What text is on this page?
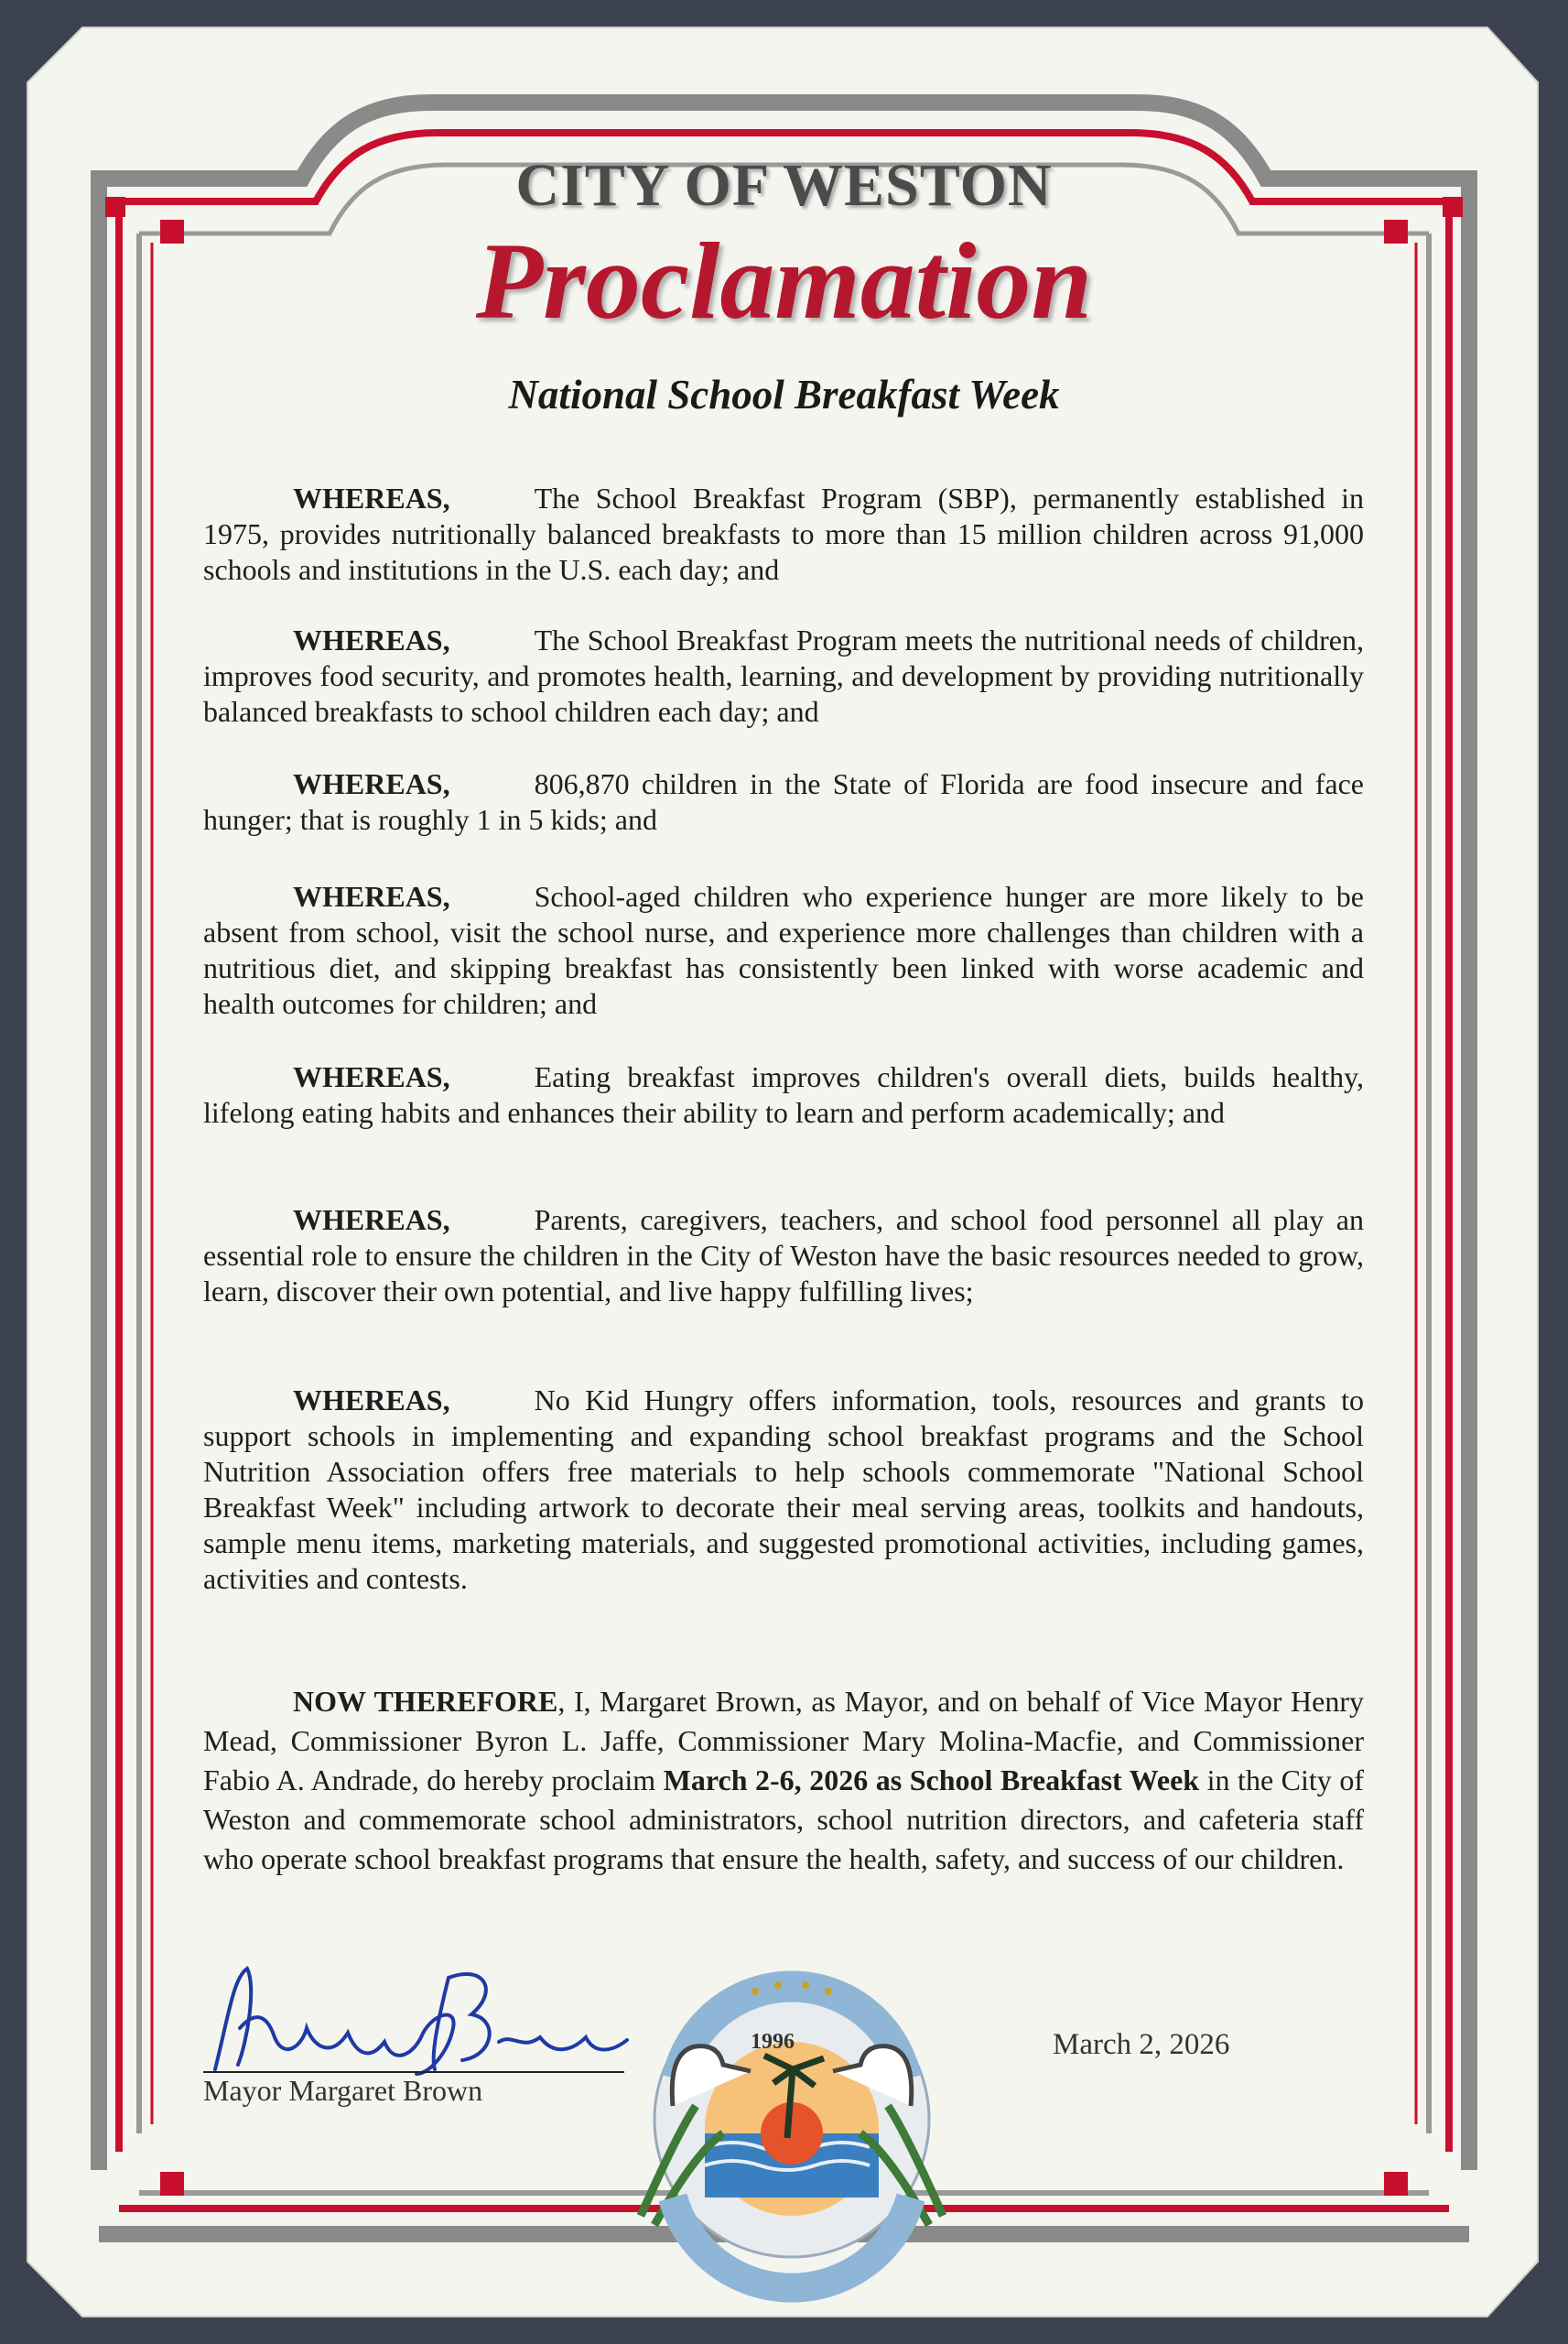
CITY OF WESTON
Proclamation
National School Breakfast Week
WHEREAS,	The School Breakfast Program (SBP), permanently established in 1975, provides nutritionally balanced breakfasts to more than 15 million children across 91,000 schools and institutions in the U.S. each day; and
WHEREAS,	The School Breakfast Program meets the nutritional needs of children, improves food security, and promotes health, learning, and development by providing nutritionally balanced breakfasts to school children each day; and
WHEREAS,	806,870 children in the State of Florida are food insecure and face hunger; that is roughly 1 in 5 kids; and
WHEREAS,	School-aged children who experience hunger are more likely to be absent from school, visit the school nurse, and experience more challenges than children with a nutritious diet, and skipping breakfast has consistently been linked with worse academic and health outcomes for children; and
WHEREAS,	Eating breakfast improves children's overall diets, builds healthy, lifelong eating habits and enhances their ability to learn and perform academically; and
WHEREAS,	Parents, caregivers, teachers, and school food personnel all play an essential role to ensure the children in the City of Weston have the basic resources needed to grow, learn, discover their own potential, and live happy fulfilling lives;
WHEREAS,	No Kid Hungry offers information, tools, resources and grants to support schools in implementing and expanding school breakfast programs and the School Nutrition Association offers free materials to help schools commemorate "National School Breakfast Week" including artwork to decorate their meal serving areas, toolkits and handouts, sample menu items, marketing materials, and suggested promotional activities, including games, activities and contests.
NOW THEREFORE, I, Margaret Brown, as Mayor, and on behalf of Vice Mayor Henry Mead, Commissioner Byron L. Jaffe, Commissioner Mary Molina-Macfie, and Commissioner Fabio A. Andrade, do hereby proclaim March 2-6, 2026 as School Breakfast Week in the City of Weston and commemorate school administrators, school nutrition directors, and cafeteria staff who operate school breakfast programs that ensure the health, safety, and success of our children.
Mayor Margaret Brown
March 2, 2026
1996
